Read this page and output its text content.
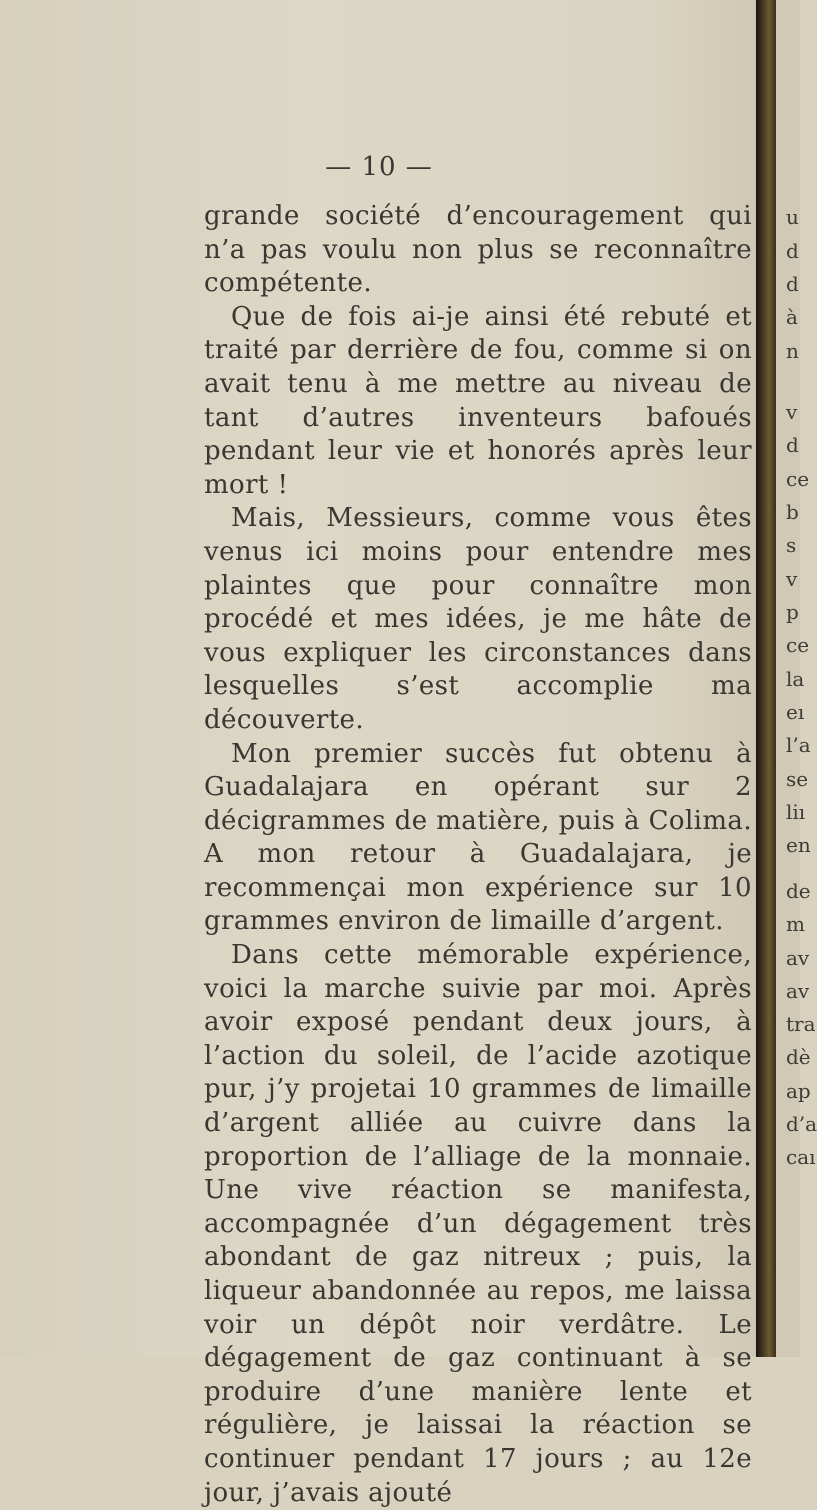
— 10 —

grande société d’encouragement qui n’a pas voulu non plus se reconnaître compétente.

Que de fois ai-je ainsi été rebuté et traité par derrière de fou, comme si on avait tenu à me mettre au niveau de tant d’autres inventeurs bafoués pendant leur vie et honorés après leur mort !

Mais, Messieurs, comme vous êtes venus ici moins pour entendre mes plaintes que pour connaître mon procédé et mes idées, je me hâte de vous expliquer les circonstances dans lesquelles s’est accomplie ma découverte.

Mon premier succès fut obtenu à Guadalajara en opérant sur 2 décigrammes de matière, puis à Colima. A mon retour à Guadalajara, je recommençai mon expérience sur 10 grammes environ de limaille d’argent.

Dans cette mémorable expérience, voici la marche suivie par moi. Après avoir exposé pendant deux jours, à l’action du soleil, de l’acide azotique pur, j’y projetai 10 grammes de limaille d’argent alliée au cuivre dans la proportion de l’alliage de la monnaie. Une vive réaction se manifesta, accompagnée d’un dégagement très abondant de gaz nitreux ; puis, la liqueur abandonnée au repos, me laissa voir un dépôt noir verdâtre. Le dégagement de gaz continuant à se produire d’une manière lente et régulière, je laissai la réaction se continuer pendant 17 jours ; au 12e jour, j’avais ajouté

u
d
d
à
n
v
d
ce
b
s
v
p
ce
la
eı
l’a
se
liı
en
de
m
av
av
tra
dè
ap
d’a
caı
